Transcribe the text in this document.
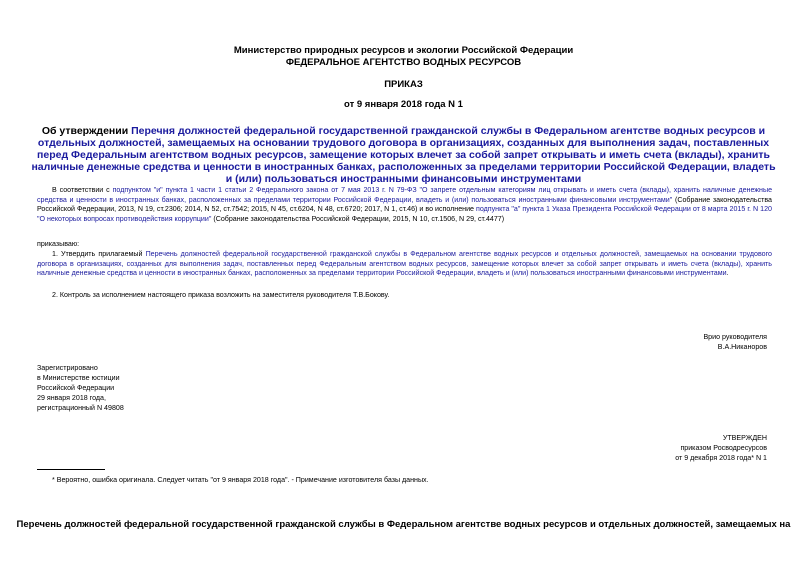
Министерство природных ресурсов и экологии Российской Федерации
ФЕДЕРАЛЬНОЕ АГЕНТСТВО ВОДНЫХ РЕСУРСОВ
ПРИКАЗ
от 9 января 2018 года N 1
Об утверждении Перечня должностей федеральной государственной гражданской службы в Федеральном агентстве водных ресурсов и отдельных должностей, замещаемых на основании трудового договора в организациях, созданных для выполнения задач, поставленных перед Федеральным агентством водных ресурсов, замещение которых влечет за собой запрет открывать и иметь счета (вклады), хранить наличные денежные средства и ценности в иностранных банках, расположенных за пределами территории Российской Федерации, владеть и (или) пользоваться иностранными финансовыми инструментами
В соответствии с подпунктом "и" пункта 1 части 1 статьи 2 Федерального закона от 7 мая 2013 г. N 79-ФЗ "О запрете отдельным категориям лиц открывать и иметь счета (вклады), хранить наличные денежные средства и ценности в иностранных банках, расположенных за пределами территории Российской Федерации, владеть и (или) пользоваться иностранными финансовыми инструментами" (Собрание законодательства Российской Федерации, 2013, N 19, ст.2306; 2014, N 52, ст.7542; 2015, N 45, ст.6204, N 48, ст.6720; 2017, N 1, ст.46) и во исполнение подпункта "а" пункта 1 Указа Президента Российской Федерации от 8 марта 2015 г. N 120 "О некоторых вопросах противодействия коррупции" (Собрание законодательства Российской Федерации, 2015, N 10, ст.1506, N 29, ст.4477)
приказываю:
1. Утвердить прилагаемый Перечень должностей федеральной государственной гражданской службы в Федеральном агентстве водных ресурсов и отдельных должностей, замещаемых на основании трудового договора в организациях, созданных для выполнения задач, поставленных перед Федеральным агентством водных ресурсов, замещение которых влечет за собой запрет открывать и иметь счета (вклады), хранить наличные денежные средства и ценности в иностранных банках, расположенных за пределами территории Российской Федерации, владеть и (или) пользоваться иностранными финансовыми инструментами.
2. Контроль за исполнением настоящего приказа возложить на заместителя руководителя Т.В.Бокову.
Врио руководителя
В.А.Никаноров
Зарегистрировано
в Министерстве юстиции
Российской Федерации
29 января 2018 года,
регистрационный N 49808
УТВЕРЖДЕН
приказом Росводресурсов
от 9 декабря 2018 года* N 1
* Вероятно, ошибка оригинала. Следует читать "от 9 января 2018 года". - Примечание изготовителя базы данных.
Перечень должностей федеральной государственной гражданской службы в Федеральном агентстве водных ресурсов и отдельных должностей, замещаемых на
